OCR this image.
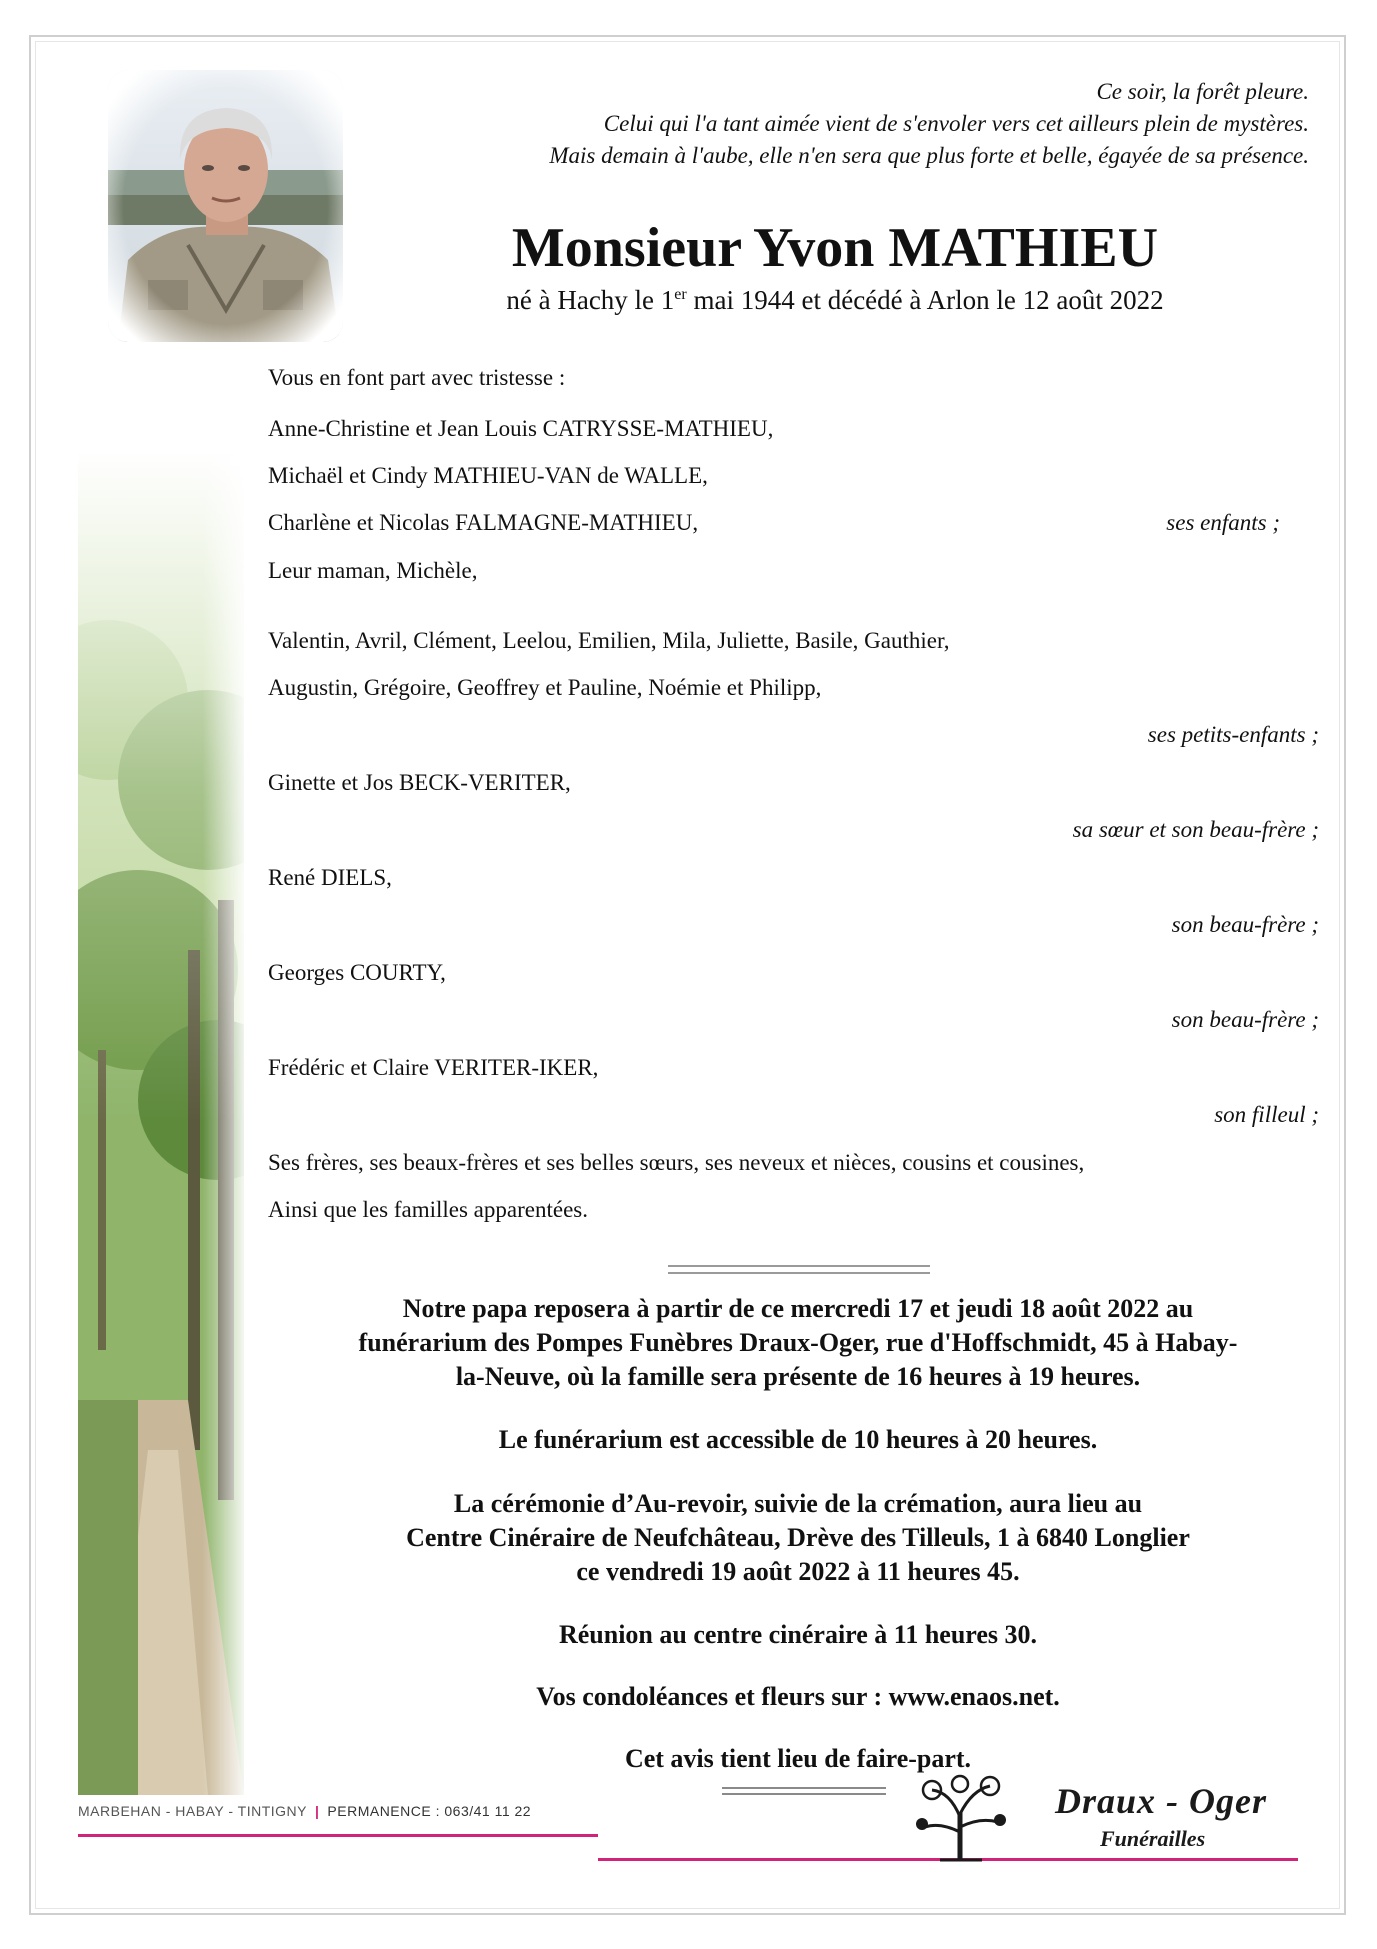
Ce soir, la forêt pleure.
Celui qui l'a tant aimée vient de s'envoler vers cet ailleurs plein de mystères.
Mais demain à l'aube, elle n'en sera que plus forte et belle, égayée de sa présence.
Monsieur Yvon MATHIEU
né à Hachy le 1er mai 1944 et décédé à Arlon le 12 août 2022
Vous en font part avec tristesse :
Anne-Christine et Jean Louis CATRYSSE-MATHIEU,
Michaël et Cindy MATHIEU-VAN de WALLE,
Charlène et Nicolas FALMAGNE-MATHIEU,	ses enfants ;
Leur maman, Michèle,
Valentin, Avril, Clément, Leelou, Emilien, Mila, Juliette, Basile, Gauthier,
Augustin, Grégoire, Geoffrey et Pauline, Noémie et Philipp,
ses petits-enfants ;
Ginette et Jos BECK-VERITER,
sa sœur et son beau-frère ;
René DIELS,
son beau-frère ;
Georges COURTY,
son beau-frère ;
Frédéric et Claire VERITER-IKER,
son filleul ;
Ses frères, ses beaux-frères et ses belles sœurs, ses neveux et nièces, cousins et cousines,
Ainsi que les familles apparentées.
Notre papa reposera à partir de ce mercredi 17 et jeudi 18 août 2022 au
funérarium des Pompes Funèbres Draux-Oger, rue d'Hoffschmidt, 45 à Habay-
la-Neuve, où la famille sera présente de 16 heures à 19 heures.
Le funérarium est accessible de 10 heures à 20 heures.
La cérémonie d’Au-revoir, suivie de la crémation, aura lieu au
Centre Cinéraire de Neufchâteau, Drève des Tilleuls, 1 à 6840 Longlier
ce vendredi 19 août 2022 à 11 heures 45.
Réunion au centre cinéraire à 11 heures 30.
Vos condoléances et fleurs sur : www.enaos.net.
Cet avis tient lieu de faire-part.
MARBEHAN - HABAY - TINTIGNY | PERMANENCE : 063/41 11 22	Draux - Oger
Funérailles
